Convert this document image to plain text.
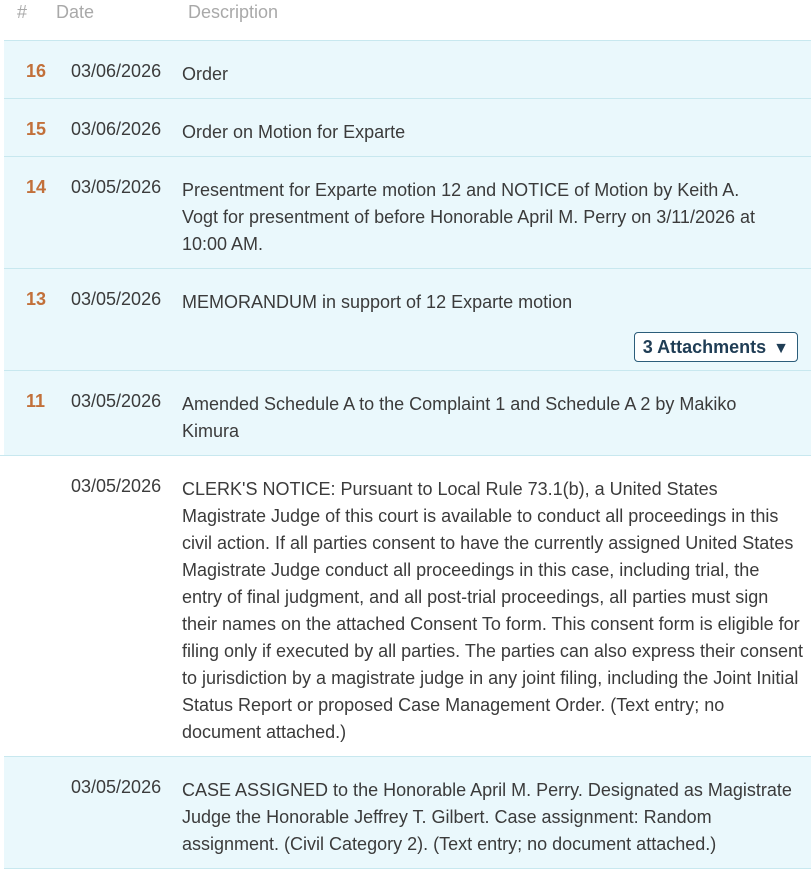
# Date	Description
16 03/06/2026 Order
15 03/06/2026 Order on Motion for Exparte
14 03/05/2026 Presentment for Exparte motion 12 and NOTICE of Motion by Keith A. Vogt for presentment of before Honorable April M. Perry on 3/11/2026 at 10:00 AM.
13 03/05/2026 MEMORANDUM in support of 12 Exparte motion
3 Attachments ▼
11 03/05/2026 Amended Schedule A to the Complaint 1 and Schedule A 2 by Makiko Kimura
03/05/2026 CLERK'S NOTICE: Pursuant to Local Rule 73.1(b), a United States Magistrate Judge of this court is available to conduct all proceedings in this civil action. If all parties consent to have the currently assigned United States Magistrate Judge conduct all proceedings in this case, including trial, the entry of final judgment, and all post-trial proceedings, all parties must sign their names on the attached Consent To form. This consent form is eligible for filing only if executed by all parties. The parties can also express their consent to jurisdiction by a magistrate judge in any joint filing, including the Joint Initial Status Report or proposed Case Management Order. (Text entry; no document attached.)
03/05/2026 CASE ASSIGNED to the Honorable April M. Perry. Designated as Magistrate Judge the Honorable Jeffrey T. Gilbert. Case assignment: Random assignment. (Civil Category 2). (Text entry; no document attached.)
